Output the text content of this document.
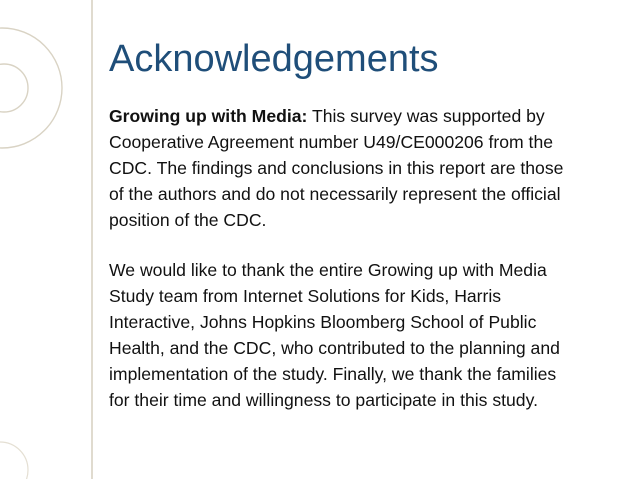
Acknowledgements

Growing up with Media: This survey was supported by
Cooperative Agreement number U49/CE000206 from the
CDC. The findings and conclusions in this report are those
of the authors and do not necessarily represent the official
position of the CDC.

We would like to thank the entire Growing up with Media
Study team from Internet Solutions for Kids, Harris
Interactive, Johns Hopkins Bloomberg School of Public
Health, and the CDC, who contributed to the planning and
implementation of the study. Finally, we thank the families
for their time and willingness to participate in this study.
